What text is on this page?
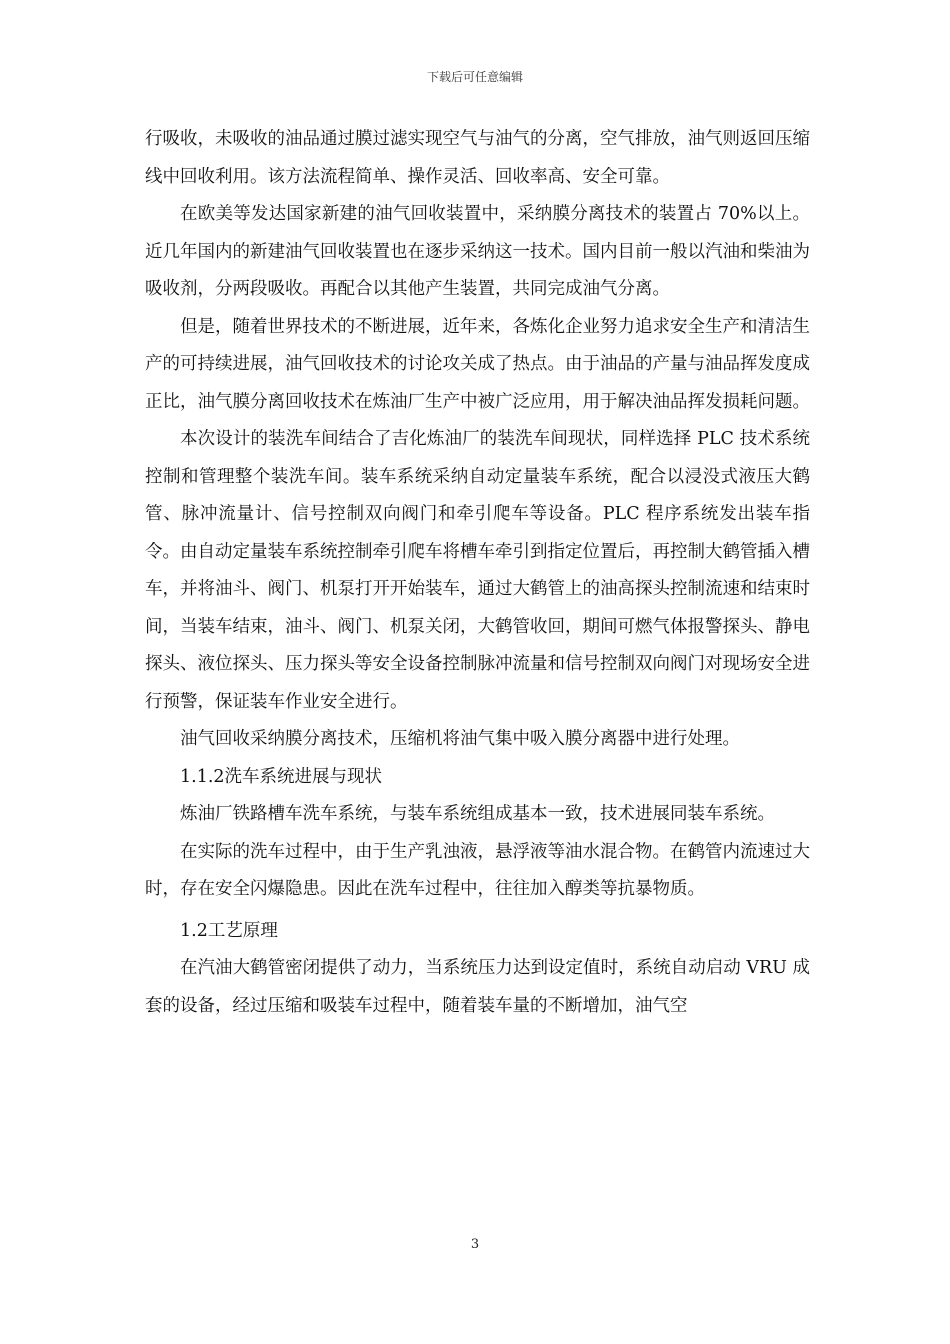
下载后可任意编辑

行吸收，未吸收的油品通过膜过滤实现空气与油气的分离，空气排放，油气则返回压缩线中回收利用。该方法流程简单、操作灵活、回收率高、安全可靠。

在欧美等发达国家新建的油气回收装置中，采纳膜分离技术的装置占 70%以上。近几年国内的新建油气回收装置也在逐步采纳这一技术。国内目前一般以汽油和柴油为吸收剂，分两段吸收。再配合以其他产生装置，共同完成油气分离。

但是，随着世界技术的不断进展，近年来，各炼化企业努力追求安全生产和清洁生产的可持续进展，油气回收技术的讨论攻关成了热点。由于油品的产量与油品挥发度成正比，油气膜分离回收技术在炼油厂生产中被广泛应用，用于解决油品挥发损耗问题。

本次设计的装洗车间结合了吉化炼油厂的装洗车间现状，同样选择 PLC 技术系统控制和管理整个装洗车间。装车系统采纳自动定量装车系统，配合以浸没式液压大鹤管、脉冲流量计、信号控制双向阀门和牵引爬车等设备。PLC 程序系统发出装车指令。由自动定量装车系统控制牵引爬车将槽车牵引到指定位置后，再控制大鹤管插入槽车，并将油斗、阀门、机泵打开开始装车，通过大鹤管上的油高探头控制流速和结束时间，当装车结束，油斗、阀门、机泵关闭，大鹤管收回，期间可燃气体报警探头、静电探头、液位探头、压力探头等安全设备控制脉冲流量和信号控制双向阀门对现场安全进行预警，保证装车作业安全进行。

油气回收采纳膜分离技术，压缩机将油气集中吸入膜分离器中进行处理。

1.1.2洗车系统进展与现状

炼油厂铁路槽车洗车系统，与装车系统组成基本一致，技术进展同装车系统。

在实际的洗车过程中，由于生产乳浊液，悬浮液等油水混合物。在鹤管内流速过大时，存在安全闪爆隐患。因此在洗车过程中，往往加入醇类等抗暴物质。

1.2工艺原理

在汽油大鹤管密闭提供了动力，当系统压力达到设定值时，系统自动启动 VRU 成套的设备，经过压缩和吸装车过程中，随着装车量的不断增加，油气空

3
